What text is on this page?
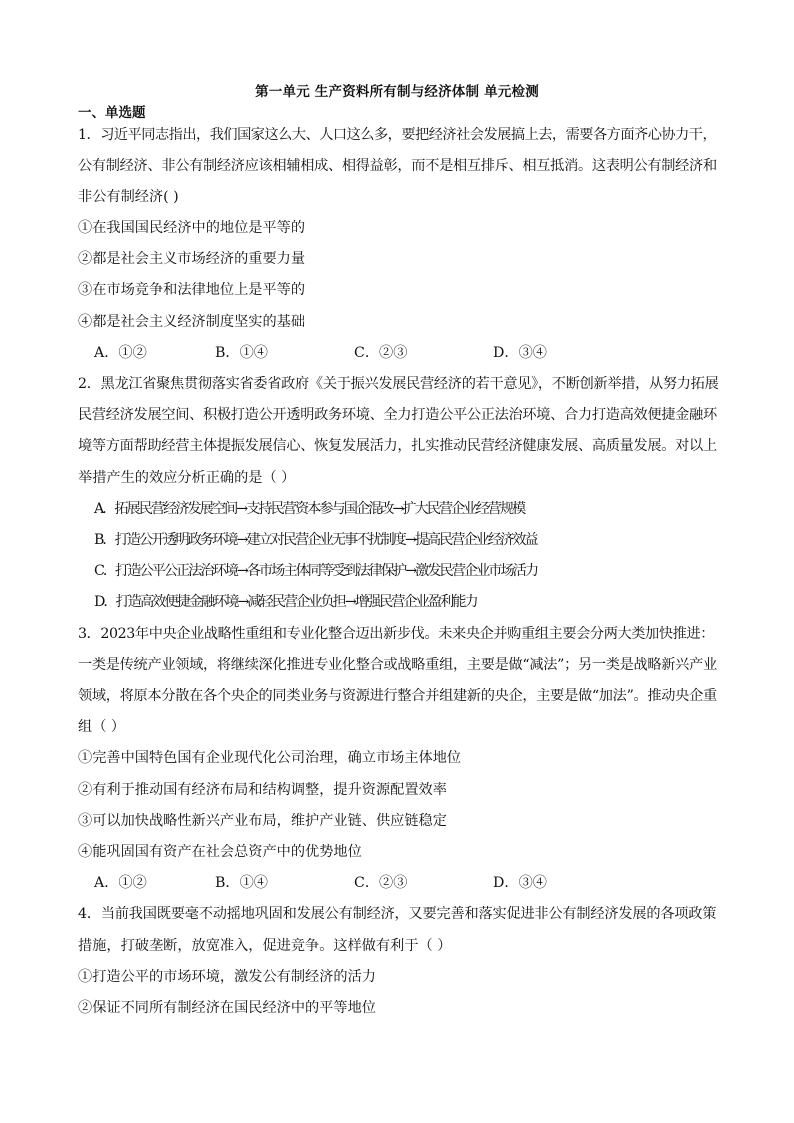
第一单元 生产资料所有制与经济体制 单元检测
一、单选题
1．习近平同志指出，我们国家这么大、人口这么多，要把经济社会发展搞上去，需要各方面齐心协力干，
公有制经济、非公有制经济应该相辅相成、相得益彰，而不是相互排斥、相互抵消。这表明公有制经济和
非公有制经济( )
①在我国国民经济中的地位是平等的
②都是社会主义市场经济的重要力量
③在市场竞争和法律地位上是平等的
④都是社会主义经济制度坚实的基础
A．①②	B．①④	C．②③	D．③④
2．黑龙江省聚焦贯彻落实省委省政府《关于振兴发展民营经济的若干意见》，不断创新举措，从努力拓展
民营经济发展空间、积极打造公开透明政务环境、全力打造公平公正法治环境、合力打造高效便捷金融环
境等方面帮助经营主体提振发展信心、恢复发展活力，扎实推动民营经济健康发展、高质量发展。对以上
举措产生的效应分析正确的是（ ）
A．拓展民营经济发展空间→支持民营资本参与国企混改→扩大民营企业经营规模
B．打造公开透明政务环境→建立对民营企业无事不扰制度→提高民营企业经济效益
C．打造公平公正法治环境→各市场主体同等受到法律保护→激发民营企业市场活力
D．打造高效便捷金融环境→减轻民营企业负担→增强民营企业盈利能力
3．2023年中央企业战略性重组和专业化整合迈出新步伐。未来央企并购重组主要会分两大类加快推进：
一类是传统产业领域，将继续深化推进专业化整合或战略重组，主要是做“减法”；另一类是战略新兴产业
领域，将原本分散在各个央企的同类业务与资源进行整合并组建新的央企，主要是做“加法”。推动央企重
组（ ）
①完善中国特色国有企业现代化公司治理，确立市场主体地位
②有利于推动国有经济布局和结构调整，提升资源配置效率
③可以加快战略性新兴产业布局，维护产业链、供应链稳定
④能巩固国有资产在社会总资产中的优势地位
A．①②	B．①④	C．②③	D．③④
4．当前我国既要毫不动摇地巩固和发展公有制经济，又要完善和落实促进非公有制经济发展的各项政策
措施，打破垄断，放宽准入，促进竞争。这样做有利于（ ）
①打造公平的市场环境，激发公有制经济的活力
②保证不同所有制经济在国民经济中的平等地位
